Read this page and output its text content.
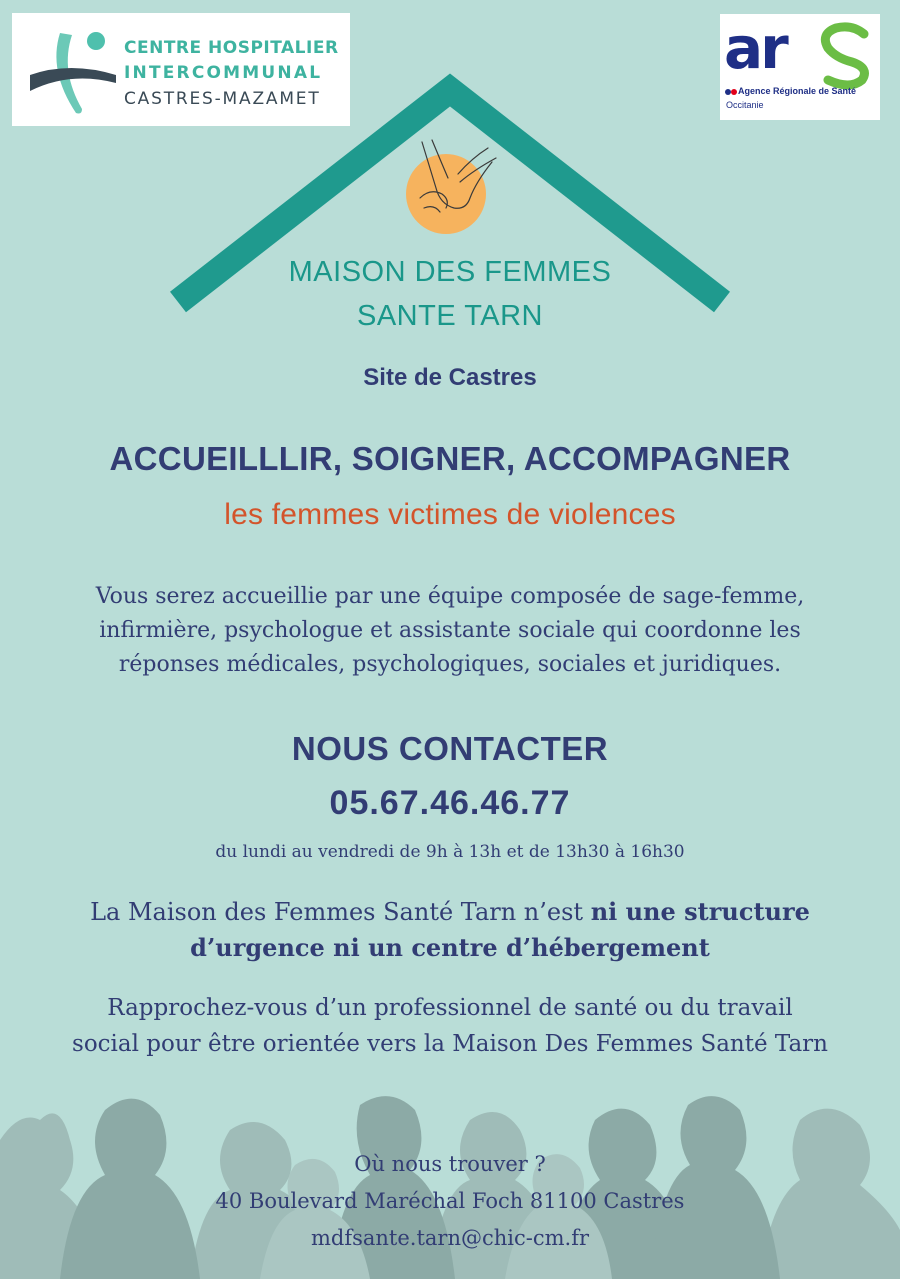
CENTRE HOSPITALIER
INTERCOMMUNAL
CASTRES-MAZAMET
ar
Agence Régionale de Santé
Occitanie
MAISON DES FEMMES
SANTE TARN
Site de Castres
ACCUEILLLIR, SOIGNER, ACCOMPAGNER
les femmes victimes de violences
Vous serez accueillie par une équipe composée de sage-femme,
infirmière, psychologue et assistante sociale qui coordonne les
réponses médicales, psychologiques, sociales et juridiques.
NOUS CONTACTER
05.67.46.46.77
du lundi au vendredi de 9h à 13h et de 13h30 à 16h30
La Maison des Femmes Santé Tarn n’est ni une structure
d’urgence ni un centre d’hébergement
Rapprochez-vous d’un professionnel de santé ou du travail
social pour être orientée vers la Maison Des Femmes Santé Tarn
Où nous trouver ?
40 Boulevard Maréchal Foch 81100 Castres
mdfsante.tarn@chic-cm.fr
